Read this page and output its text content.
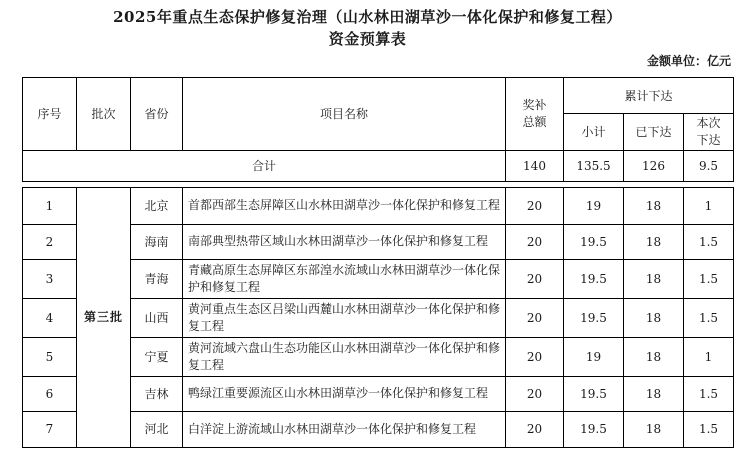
2025年重点生态保护修复治理（山水林田湖草沙一体化保护和修复工程）
资金预算表
金额单位：亿元
序号	批次	省份	项目名称	奖补总额	累计下达		
					小计	已下达	本次下达
合计				140	135.5	126	9.5
1	第三批	北京	首都西部生态屏障区山水林田湖草沙一体化保护和修复工程	20	19	18	1
2		海南	南部典型热带区域山水林田湖草沙一体化保护和修复工程	20	19.5	18	1.5
3		青海	青藏高原生态屏障区东部湟水流域山水林田湖草沙一体化保护和修复工程	20	19.5	18	1.5
4		山西	黄河重点生态区吕梁山西麓山水林田湖草沙一体化保护和修复工程	20	19.5	18	1.5
5		宁夏	黄河流域六盘山生态功能区山水林田湖草沙一体化保护和修复工程	20	19	18	1
6		吉林	鸭绿江重要源流区山水林田湖草沙一体化保护和修复工程	20	19.5	18	1.5
7		河北	白洋淀上游流域山水林田湖草沙一体化保护和修复工程	20	19.5	18	1.5
